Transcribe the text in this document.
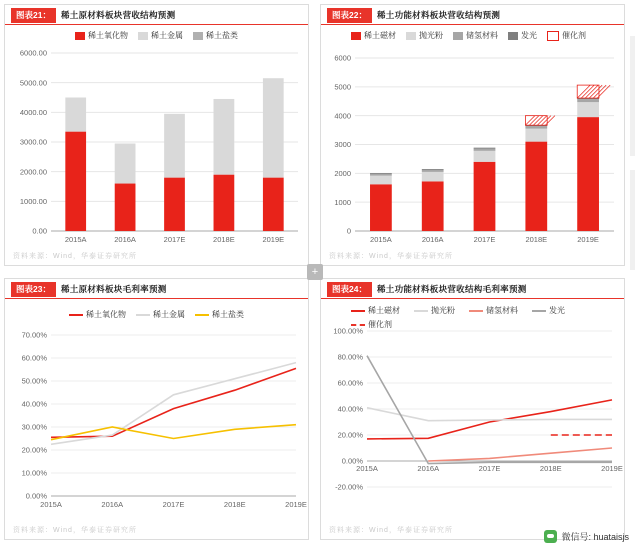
图表21：	稀土原材料板块营收结构预测
稀土氧化物	稀土金属	稀土盐类
0.00
1000.00
2000.00
3000.00
4000.00
5000.00
6000.00
2015A	2016A	2017E	2018E	2019E
资料来源：Wind，华泰证券研究所
图表22：	稀土功能材料板块营收结构预测
稀土磁材	抛光粉	储氢材料	发光	催化剂
0
1000
2000
3000
4000
5000
6000
2015A	2016A	2017E	2018E	2019E
资料来源：Wind，华泰证券研究所
图表23：	稀土原材料板块毛利率预测
稀土氧化物	稀土金属	稀土盐类
0.00%
10.00%
20.00%
30.00%
40.00%
50.00%
60.00%
70.00%
2015A	2016A	2017E	2018E	2019E
资料来源：Wind，华泰证券研究所
图表24：	稀土功能材料板块营收结构毛利率预测
稀土磁材	抛光粉	储氢材料	发光
催化剂
-20.00%
0.00%
20.00%
40.00%
60.00%
80.00%
100.00%
2015A	2016A	2017E	2018E	2019E
资料来源：Wind，华泰证券研究所
+
微信号: huataisjs
